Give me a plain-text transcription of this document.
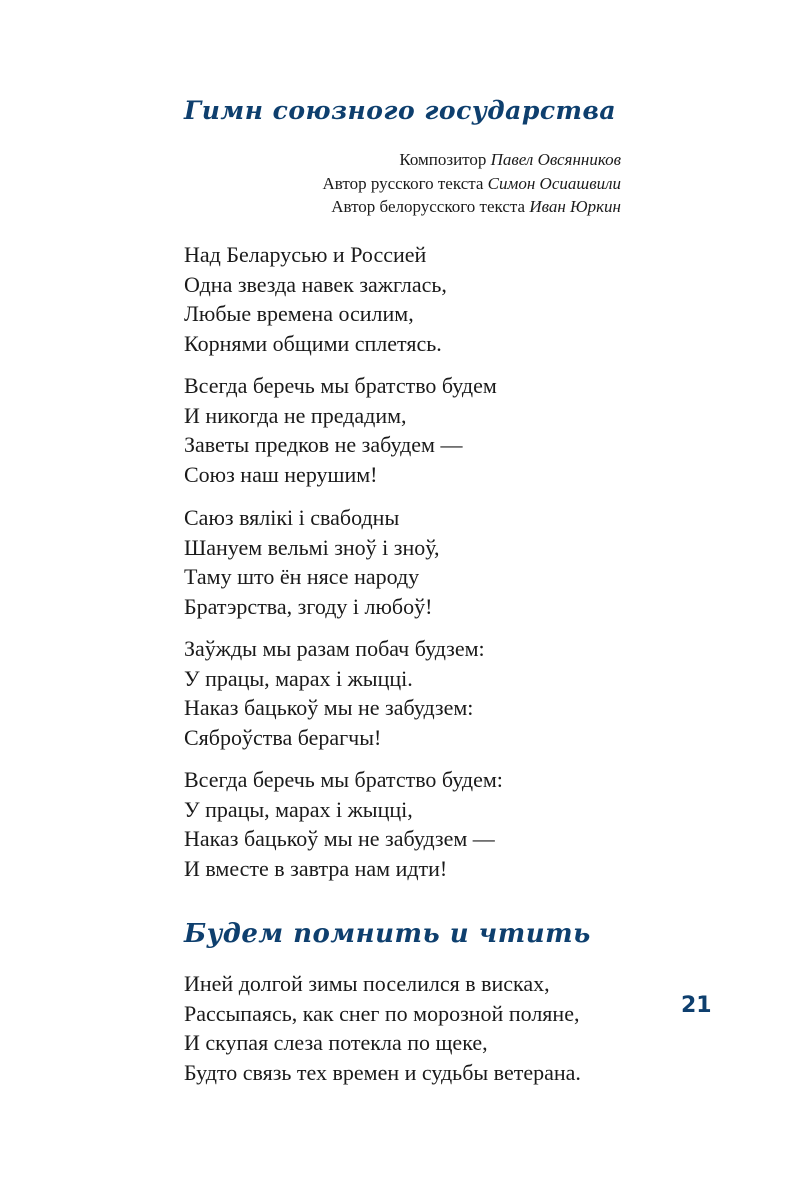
Гимн союзного государства
Композитор Павел Овсянников
Автор русского текста Симон Осиашвили
Автор белорусского текста Иван Юркин
Над Беларусью и Россией
Одна звезда навек зажглась,
Любые времена осилим,
Корнями общими сплетясь.
Всегда беречь мы братство будем
И никогда не предадим,
Заветы предков не забудем —
Союз наш нерушим!
Саюз вялікі і свабодны
Шануем вельмі зноў і зноў,
Таму што ён нясе народу
Братэрства, згоду і любоў!
Заўжды мы разам побач будзем:
У працы, марах і жыцці.
Наказ бацькоў мы не забудзем:
Сяброўства берагчы!
Всегда беречь мы братство будем:
У працы, марах і жыцці,
Наказ бацькоў мы не забудзем —
И вместе в завтра нам идти!
Будем помнить и чтить
Иней долгой зимы поселился в висках,
Рассыпаясь, как снег по морозной поляне,
И скупая слеза потекла по щеке,
Будто связь тех времен и судьбы ветерана.
21
